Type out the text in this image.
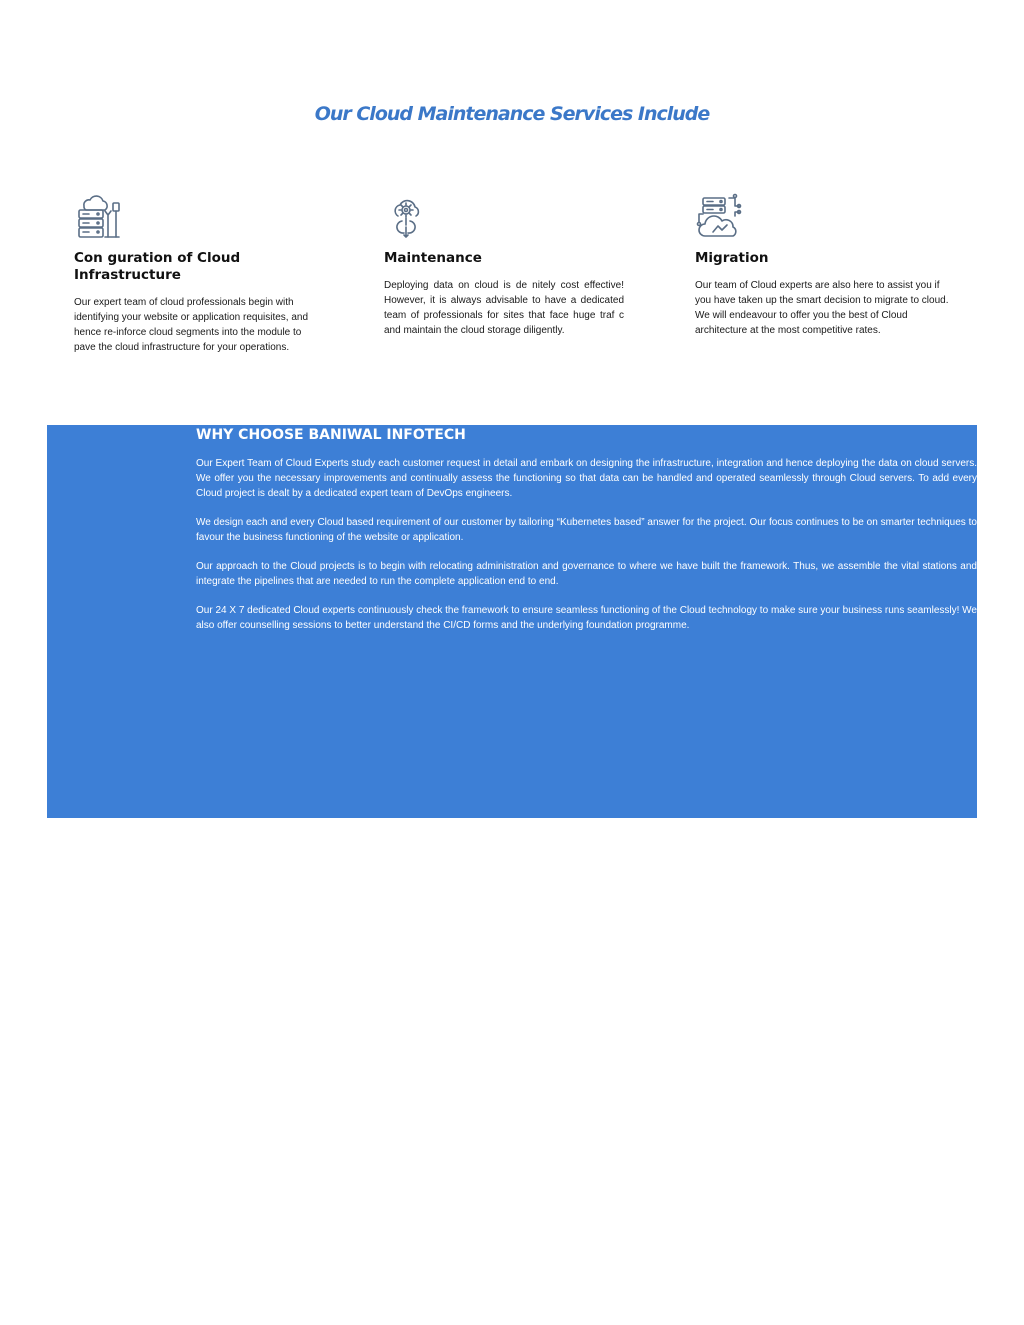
Our Cloud Maintenance Services Include
Con guration of Cloud Infrastructure

Our expert team of cloud professionals begin with identifying your website or application requisites, and hence re-inforce cloud segments into the module to pave the cloud infrastructure for your operations.

Maintenance

Deploying data on cloud is de nitely cost effective! However, it is always advisable to have a dedicated team of professionals for sites that face huge traf c and maintain the cloud storage diligently.

Migration

Our team of Cloud experts are also here to assist you if you have taken up the smart decision to migrate to cloud. We will endeavour to offer you the best of Cloud architecture at the most competitive rates.

WHY CHOOSE BANIWAL INFOTECH

Our Expert Team of Cloud Experts study each customer request in detail and embark on designing the infrastructure, integration and hence deploying the data on cloud servers. We offer you the necessary improvements and continually assess the functioning so that data can be handled and operated seamlessly through Cloud servers. To add every Cloud project is dealt by a dedicated expert team of DevOps engineers.

We design each and every Cloud based requirement of our customer by tailoring “Kubernetes based” answer for the project. Our focus continues to be on smarter techniques to favour the business functioning of the website or application.

Our approach to the Cloud projects is to begin with relocating administration and governance to where we have built the framework. Thus, we assemble the vital stations and integrate the pipelines that are needed to run the complete application end to end.

Our 24 X 7 dedicated Cloud experts continuously check the framework to ensure seamless functioning of the Cloud technology to make sure your business runs seamlessly! We also offer counselling sessions to better understand the CI/CD forms and the underlying foundation programme.
